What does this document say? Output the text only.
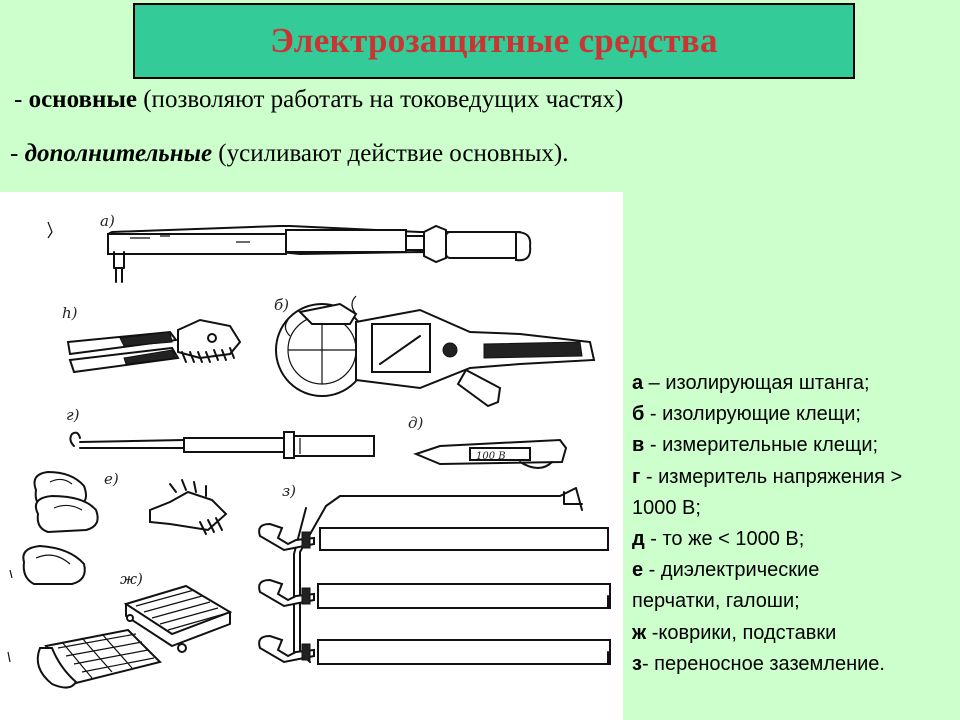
Электрозащитные средства
- основные (позволяют работать на токоведущих частях)
- дополнительные (усиливают действие основных).
а)
h)	б)
г)	д)
100 В
е)
ж)
з)
а – изолирующая штанга;
б - изолирующие клещи;
в - измерительные клещи;
г - измеритель напряжения >
1000 В;
д - то же < 1000 В;
е - диэлектрические
перчатки, галоши;
ж -коврики, подставки
з- переносное заземление.
